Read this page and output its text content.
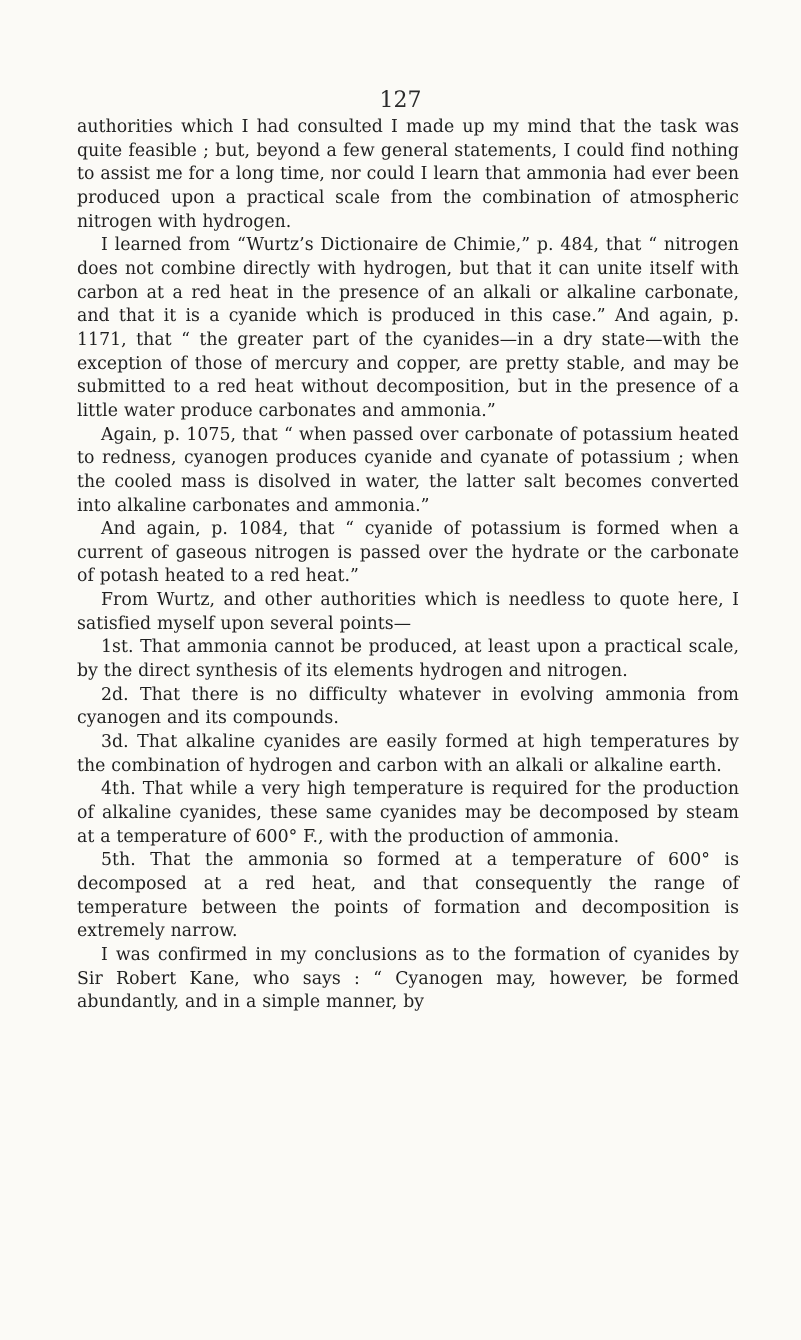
127

authorities which I had consulted I made up my mind that the task was quite feasible ; but, beyond a few general statements, I could find nothing to assist me for a long time, nor could I learn that ammonia had ever been produced upon a practical scale from the combination of atmospheric nitrogen with hydrogen.

I learned from “Wurtz’s Dictionaire de Chimie,” p. 484, that “ nitrogen does not combine directly with hydrogen, but that it can unite itself with carbon at a red heat in the presence of an alkali or alkaline carbonate, and that it is a cyanide which is produced in this case.” And again, p. 1171, that “ the greater part of the cyanides—in a dry state—with the exception of those of mercury and copper, are pretty stable, and may be submitted to a red heat without decomposition, but in the presence of a little water produce carbonates and ammonia.”

Again, p. 1075, that “ when passed over carbonate of potassium heated to redness, cyanogen produces cyanide and cyanate of potassium ; when the cooled mass is disolved in water, the latter salt becomes converted into alkaline carbonates and ammonia.”

And again, p. 1084, that “ cyanide of potassium is formed when a current of gaseous nitrogen is passed over the hydrate or the carbonate of potash heated to a red heat.”

From Wurtz, and other authorities which is needless to quote here, I satisfied myself upon several points—

1st. That ammonia cannot be produced, at least upon a practical scale, by the direct synthesis of its elements hydrogen and nitrogen.

2d. That there is no difficulty whatever in evolving ammonia from cyanogen and its compounds.

3d. That alkaline cyanides are easily formed at high temperatures by the combination of hydrogen and carbon with an alkali or alkaline earth.

4th. That while a very high temperature is required for the production of alkaline cyanides, these same cyanides may be decomposed by steam at a temperature of 600° F., with the production of ammonia.

5th. That the ammonia so formed at a temperature of 600° is decomposed at a red heat, and that consequently the range of temperature between the points of formation and decomposition is extremely narrow.

I was confirmed in my conclusions as to the formation of cyanides by Sir Robert Kane, who says : “ Cyanogen may, however, be formed abundantly, and in a simple manner, by
